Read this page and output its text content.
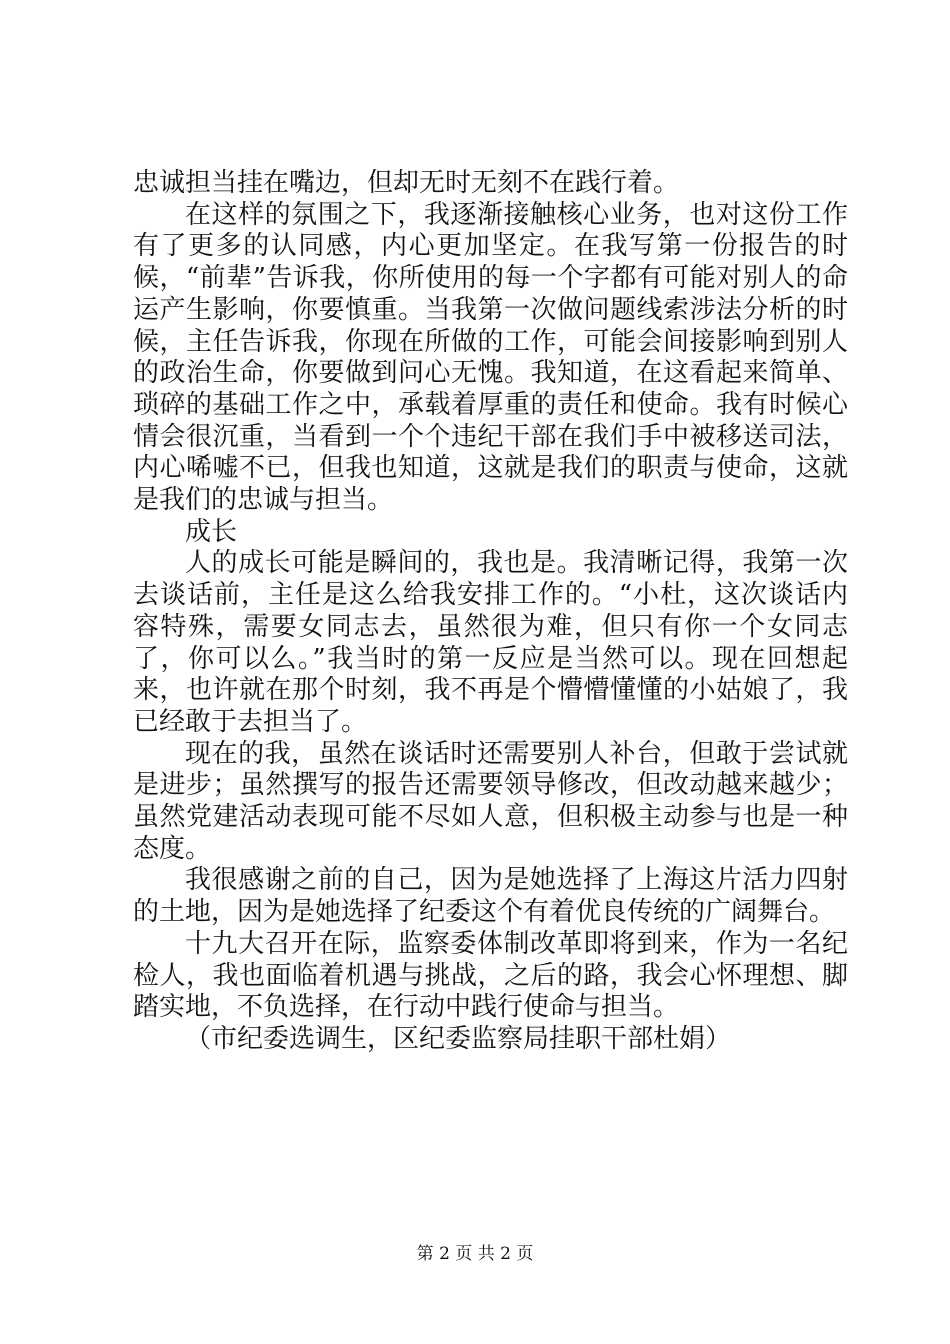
忠诚担当挂在嘴边，但却无时无刻不在践行着。

在这样的氛围之下，我逐渐接触核心业务，也对这份工作有了更多的认同感，内心更加坚定。在我写第一份报告的时候，“前辈”告诉我，你所使用的每一个字都有可能对别人的命运产生影响，你要慎重。当我第一次做问题线索涉法分析的时候，主任告诉我，你现在所做的工作，可能会间接影响到别人的政治生命，你要做到问心无愧。我知道，在这看起来简单、琐碎的基础工作之中，承载着厚重的责任和使命。我有时候心情会很沉重，当看到一个个违纪干部在我们手中被移送司法，内心唏嘘不已，但我也知道，这就是我们的职责与使命，这就是我们的忠诚与担当。

成长

人的成长可能是瞬间的，我也是。我清晰记得，我第一次去谈话前，主任是这么给我安排工作的。“小杜，这次谈话内容特殊，需要女同志去，虽然很为难，但只有你一个女同志了，你可以么。”我当时的第一反应是当然可以。现在回想起来，也许就在那个时刻，我不再是个懵懵懂懂的小姑娘了，我已经敢于去担当了。

现在的我，虽然在谈话时还需要别人补台，但敢于尝试就是进步；虽然撰写的报告还需要领导修改，但改动越来越少；虽然党建活动表现可能不尽如人意，但积极主动参与也是一种态度。

我很感谢之前的自己，因为是她选择了上海这片活力四射的土地，因为是她选择了纪委这个有着优良传统的广阔舞台。

十九大召开在际，监察委体制改革即将到来，作为一名纪检人，我也面临着机遇与挑战，之后的路，我会心怀理想、脚踏实地，不负选择，在行动中践行使命与担当。

（市纪委选调生，区纪委监察局挂职干部杜娟）

第 2 页 共 2 页
